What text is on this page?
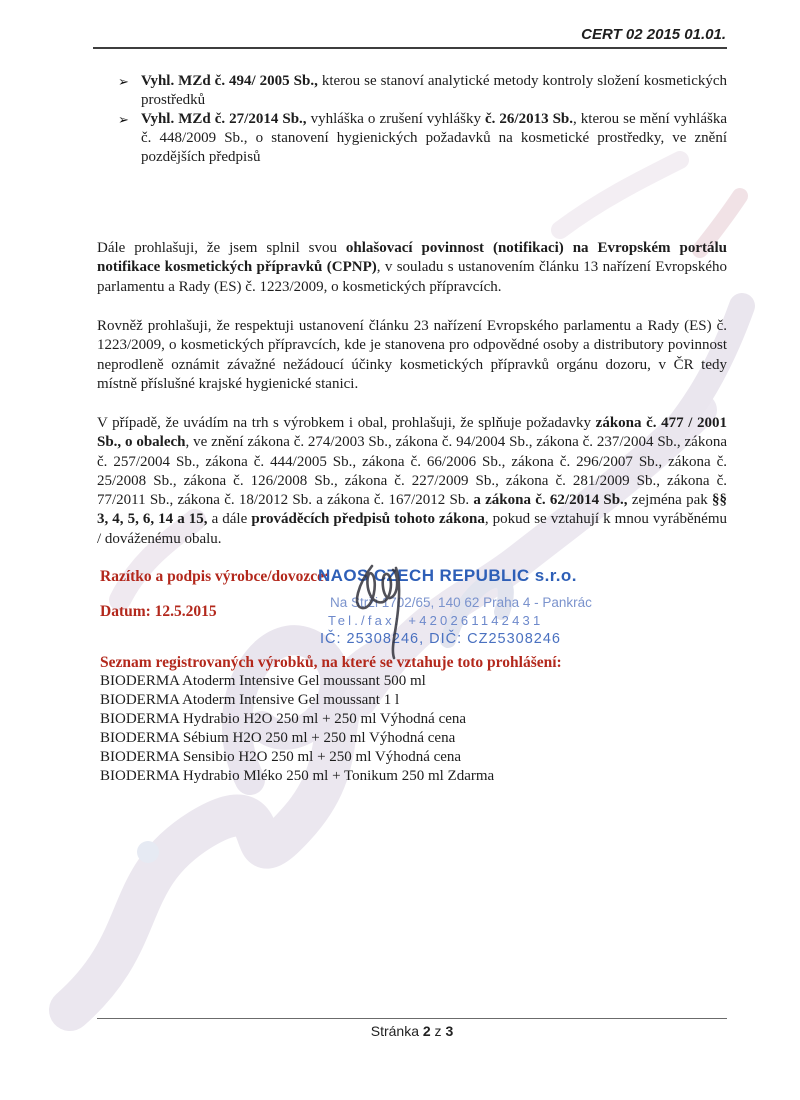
CERT 02 2015 01.01.
➢ Vyhl. MZd č. 494/ 2005 Sb., kterou se stanoví analytické metody kontroly složení kosmetických prostředků
➢ Vyhl. MZd č. 27/2014 Sb., vyhláška o zrušení vyhlášky č. 26/2013 Sb., kterou se mění vyhláška č. 448/2009 Sb., o stanovení hygienických požadavků na kosmetické prostředky, ve znění pozdějších předpisů

Dále prohlašuji, že jsem splnil svou ohlašovací povinnost (notifikaci) na Evropském portálu notifikace kosmetických přípravků (CPNP), v souladu s ustanovením článku 13 nařízení Evropského parlamentu a Rady (ES) č. 1223/2009, o kosmetických přípravcích.

Rovněž prohlašuji, že respektuji ustanovení článku 23 nařízení Evropského parlamentu a Rady (ES) č. 1223/2009, o kosmetických přípravcích, kde je stanovena pro odpovědné osoby a distributory povinnost neprodleně oznámit závažné nežádoucí účinky kosmetických přípravků orgánu dozoru, v ČR tedy místně příslušné krajské hygienické stanici.

V případě, že uvádím na trh s výrobkem i obal, prohlašuji, že splňuje požadavky zákona č. 477 / 2001 Sb., o obalech, ve znění zákona č. 274/2003 Sb., zákona č. 94/2004 Sb., zákona č. 237/2004 Sb., zákona č. 257/2004 Sb., zákona č. 444/2005 Sb., zákona č. 66/2006 Sb., zákona č. 296/2007 Sb., zákona č. 25/2008 Sb., zákona č. 126/2008 Sb., zákona č. 227/2009 Sb., zákona č. 281/2009 Sb., zákona č. 77/2011 Sb., zákona č. 18/2012 Sb. a zákona č. 167/2012 Sb. a zákona č. 62/2014 Sb., zejména pak §§ 3, 4, 5, 6, 14 a 15, a dále prováděcích předpisů tohoto zákona, pokud se vztahují k mnou vyráběnému / dováženému obalu.

Razítko a podpis výrobce/dovozce:
Datum: 12.5.2015
NAOS CZECH REPUBLIC s.r.o.
Na Strži 1702/65, 140 62 Praha 4 - Pankrác
Tel./fax: +420261142431
IČ: 25308246, DIČ: CZ25308246
Seznam registrovaných výrobků, na které se vztahuje toto prohlášení:
BIODERMA Atoderm Intensive Gel moussant 500 ml
BIODERMA Atoderm Intensive Gel moussant 1 l
BIODERMA Hydrabio H2O 250 ml + 250 ml Výhodná cena
BIODERMA Sébium H2O 250 ml + 250 ml Výhodná cena
BIODERMA Sensibio H2O 250 ml + 250 ml Výhodná cena
BIODERMA Hydrabio Mléko 250 ml + Tonikum 250 ml Zdarma
Stránka 2 z 3
